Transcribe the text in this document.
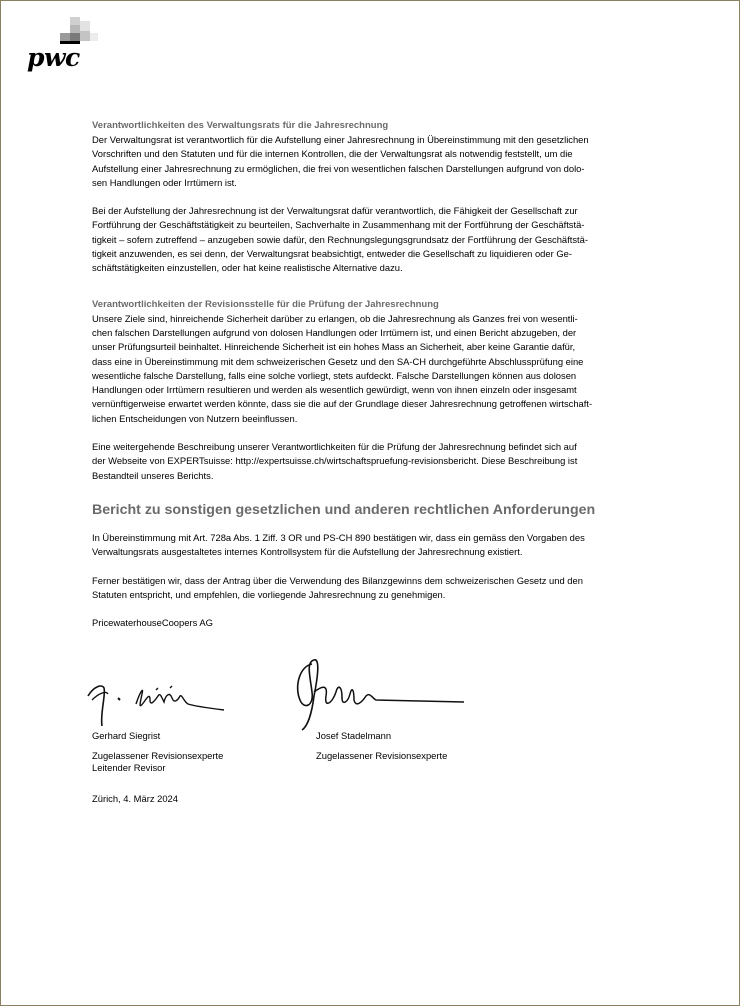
pwc
Verantwortlichkeiten des Verwaltungsrats für die Jahresrechnung

Der Verwaltungsrat ist verantwortlich für die Aufstellung einer Jahresrechnung in Übereinstimmung mit den gesetzlichen
Vorschriften und den Statuten und für die internen Kontrollen, die der Verwaltungsrat als notwendig feststellt, um die
Aufstellung einer Jahresrechnung zu ermöglichen, die frei von wesentlichen falschen Darstellungen aufgrund von dolo-
sen Handlungen oder Irrtümern ist.

Bei der Aufstellung der Jahresrechnung ist der Verwaltungsrat dafür verantwortlich, die Fähigkeit der Gesellschaft zur
Fortführung der Geschäftstätigkeit zu beurteilen, Sachverhalte in Zusammenhang mit der Fortführung der Geschäftstä-
tigkeit – sofern zutreffend – anzugeben sowie dafür, den Rechnungslegungsgrundsatz der Fortführung der Geschäftstä-
tigkeit anzuwenden, es sei denn, der Verwaltungsrat beabsichtigt, entweder die Gesellschaft zu liquidieren oder Ge-
schäftstätigkeiten einzustellen, oder hat keine realistische Alternative dazu.

Verantwortlichkeiten der Revisionsstelle für die Prüfung der Jahresrechnung

Unsere Ziele sind, hinreichende Sicherheit darüber zu erlangen, ob die Jahresrechnung als Ganzes frei von wesentli-
chen falschen Darstellungen aufgrund von dolosen Handlungen oder Irrtümern ist, und einen Bericht abzugeben, der
unser Prüfungsurteil beinhaltet. Hinreichende Sicherheit ist ein hohes Mass an Sicherheit, aber keine Garantie dafür,
dass eine in Übereinstimmung mit dem schweizerischen Gesetz und den SA-CH durchgeführte Abschlussprüfung eine
wesentliche falsche Darstellung, falls eine solche vorliegt, stets aufdeckt. Falsche Darstellungen können aus dolosen
Handlungen oder Irrtümern resultieren und werden als wesentlich gewürdigt, wenn von ihnen einzeln oder insgesamt
vernünftigerweise erwartet werden könnte, dass sie die auf der Grundlage dieser Jahresrechnung getroffenen wirtschaft-
lichen Entscheidungen von Nutzern beeinflussen.

Eine weitergehende Beschreibung unserer Verantwortlichkeiten für die Prüfung der Jahresrechnung befindet sich auf
der Webseite von EXPERTsuisse: http://expertsuisse.ch/wirtschaftspruefung-revisionsbericht. Diese Beschreibung ist
Bestandteil unseres Berichts.

Bericht zu sonstigen gesetzlichen und anderen rechtlichen Anforderungen

In Übereinstimmung mit Art. 728a Abs. 1 Ziff. 3 OR und PS-CH 890 bestätigen wir, dass ein gemäss den Vorgaben des
Verwaltungsrats ausgestaltetes internes Kontrollsystem für die Aufstellung der Jahresrechnung existiert.

Ferner bestätigen wir, dass der Antrag über die Verwendung des Bilanzgewinns dem schweizerischen Gesetz und den
Statuten entspricht, und empfehlen, die vorliegende Jahresrechnung zu genehmigen.

PricewaterhouseCoopers AG

Gerhard Siegrist

Zugelassener Revisionsexperte

Leitender Revisor

Josef Stadelmann

Zugelassener Revisionsexperte

Zürich, 4. März 2024
